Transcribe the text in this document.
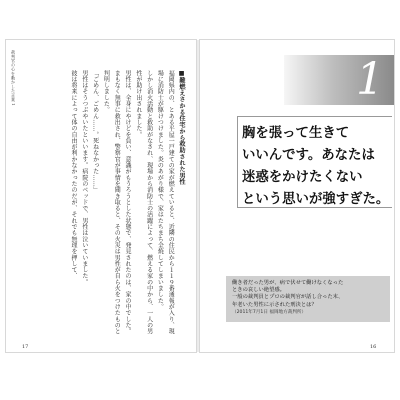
裁判官の心を動かした言葉 1	■難燃えさかる住宅から救助された男性

福岡県内の、とある平屋一戸建ての家が燃えていると、近隣の住民から１１９番通報が入り、現場に消防士が駆けつけました。炎のあがり様で、家はたちまち全焼してしまいました。

しかし消火活動と救助がなされ、現場から消防士の活躍によって、燃える家の中から、一人の男性が助け出されました。

男性は、全身にやけどを負い、意識がもうろうとした状態で、発見されたのは、家の中でした。

まもなく無事に救出され、警察官が事情を聞き取ると、その火災は男性が自ら火をつけたものと判明しました。

「ごめん、ごめん……。死ねなかった……」

男性はそうつぶやいたといいます。病院のベッドで、男性は泣いていました。

彼は将来によって体の自由が利かなかったのだが、それでも無理を押して、

17
1
胸を張って生きて
いいんです。あなたは
迷惑をかけたくない
という思いが強すぎた。
働き者だった男が、病で伏せて働けなくなった
ときの哀しい絶望感。
一般の裁判員とプロの裁判官が話し合った末、
年老いた男性に示された刑決とは？
（2011年7月1日 福岡地方裁判所）
16
